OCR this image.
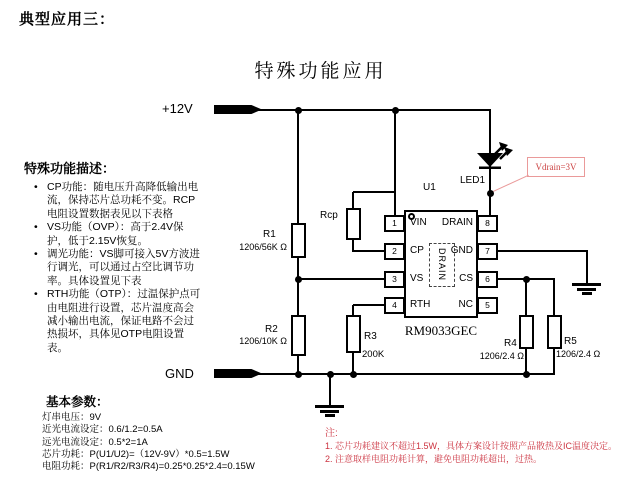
典型应用三：
特殊功能应用
特殊功能描述：
• CP功能：随电压升高降低输出电流，保持芯片总功耗不变。RCP电阻设置数据表见以下表格
• VS功能（OVP）：高于2.4V保护，低于2.15V恢复。
• 调光功能：VS脚可接入5V方波进行调光，可以通过占空比调节功率。具体设置见下表
• RTH功能（OTP）：过温保护点可由电阻进行设置，芯片温度高会减小输出电流，保证电路不会过热损坏，具体见OTP电阻设置表。
基本参数：
灯串电压：9V
近光电流设定：0.6/1.2=0.5A
远光电流设定：0.5*2=1A
芯片功耗：P(U1/U2)=（12V-9V）*0.5=1.5W
电阻功耗：P(R1/R2/R3/R4)=0.25*0.25*2.4=0.15W
注:
1. 芯片功耗建议不超过1.5W，具体方案设计按照产品散热及IC温度决定。
2. 注意取样电阻功耗计算，避免电阻功耗超出，过热。
+12V
GND
R1
1206/56K Ω
R2
1206/10K Ω
Rcp
R3
200K
U1
DRAIN
RM9033GEC
1
2
3
4
8
7
6
5
VIN
CP
VS
RTH
DRAIN
GND
CS
NC
LED1
Vdrain=3V
R4
1206/2.4 Ω
R5
1206/2.4 Ω
